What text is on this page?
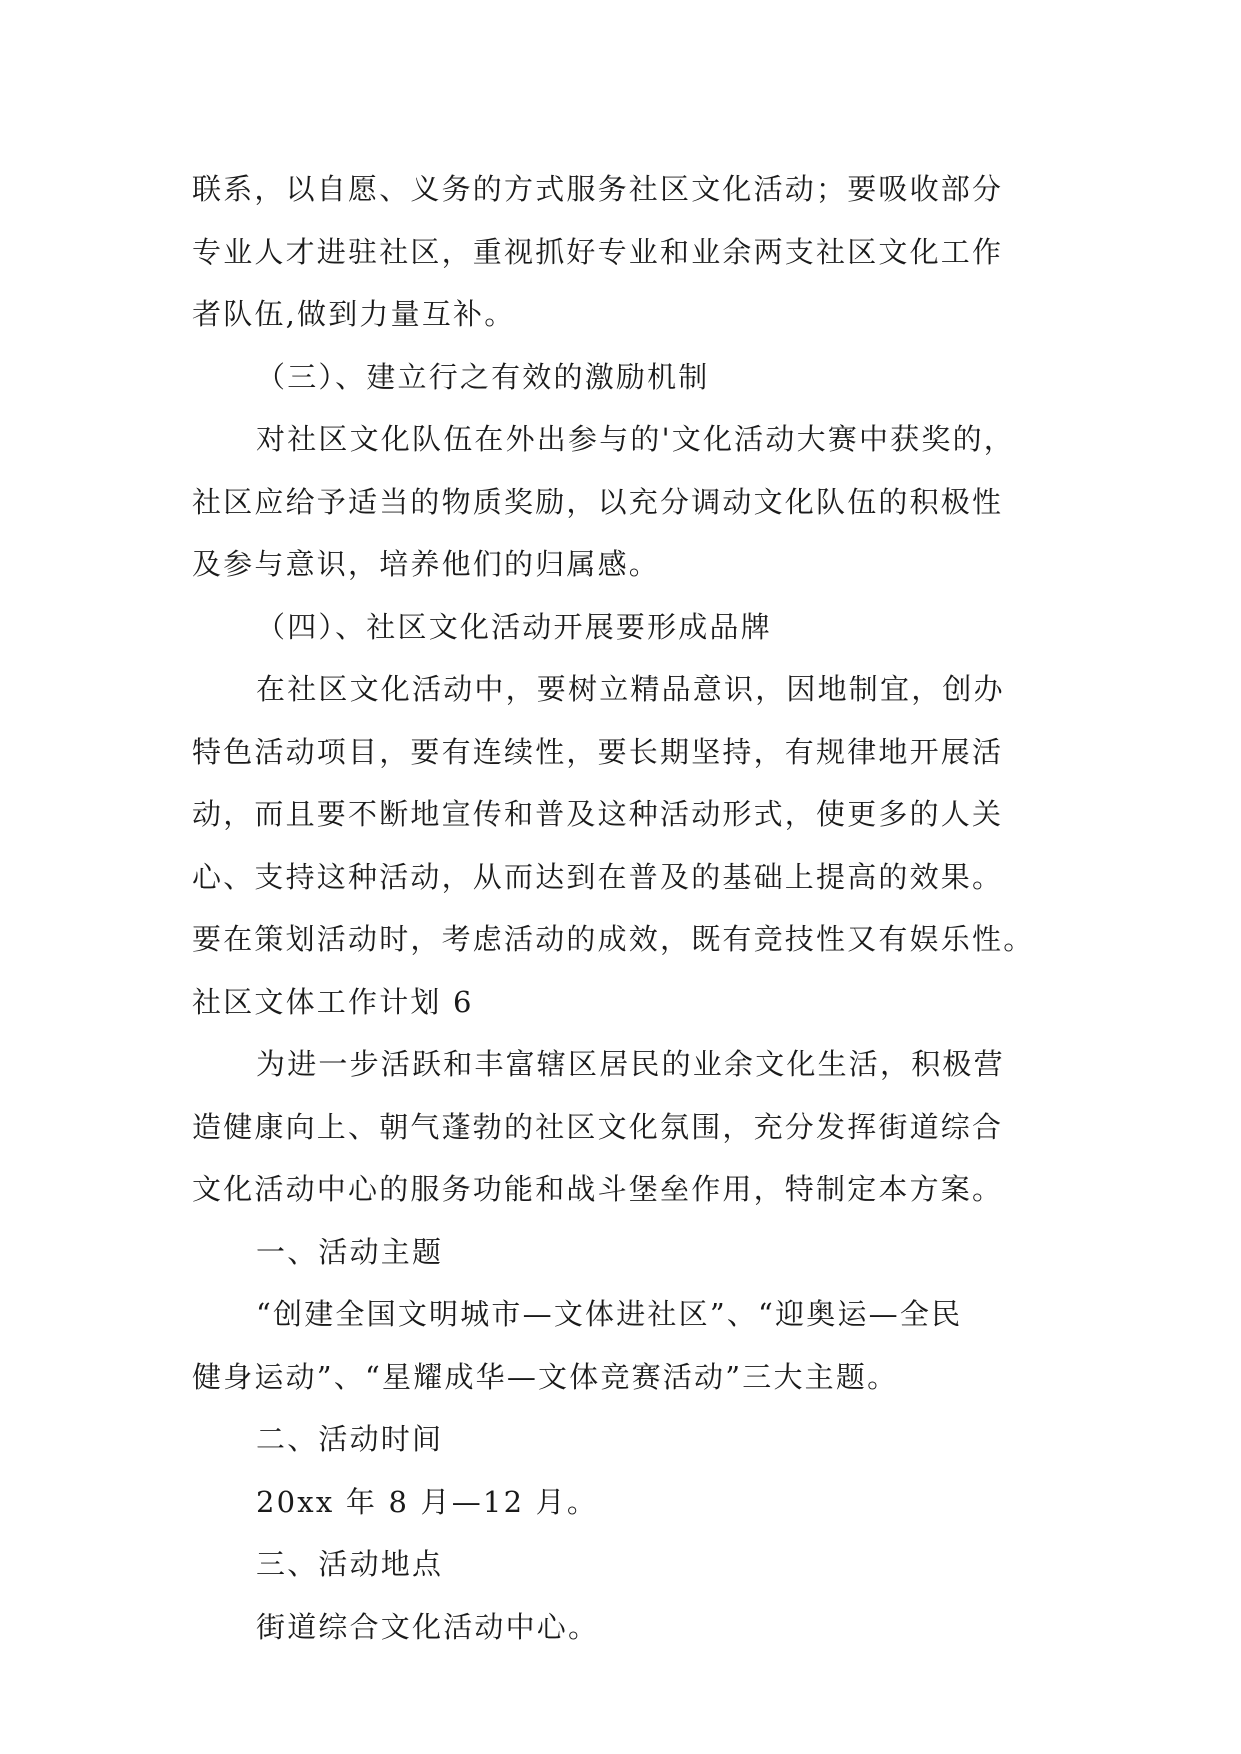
联系，以自愿、义务的方式服务社区文化活动；要吸收部分
专业人才进驻社区，重视抓好专业和业余两支社区文化工作
者队伍,做到力量互补。
（三）、建立行之有效的激励机制
对社区文化队伍在外出参与的'文化活动大赛中获奖的，
社区应给予适当的物质奖励，以充分调动文化队伍的积极性
及参与意识，培养他们的归属感。
（四）、社区文化活动开展要形成品牌
在社区文化活动中，要树立精品意识，因地制宜，创办
特色活动项目，要有连续性，要长期坚持，有规律地开展活
动，而且要不断地宣传和普及这种活动形式，使更多的人关
心、支持这种活动，从而达到在普及的基础上提高的效果。
要在策划活动时，考虑活动的成效，既有竞技性又有娱乐性。
社区文体工作计划 6
为进一步活跃和丰富辖区居民的业余文化生活，积极营
造健康向上、朝气蓬勃的社区文化氛围，充分发挥街道综合
文化活动中心的服务功能和战斗堡垒作用，特制定本方案。
一、活动主题
“创建全国文明城市—文体进社区”、“迎奥运—全民
健身运动”、“星耀成华—文体竞赛活动”三大主题。
二、活动时间
20xx 年 8 月—12 月。
三、活动地点
街道综合文化活动中心。
